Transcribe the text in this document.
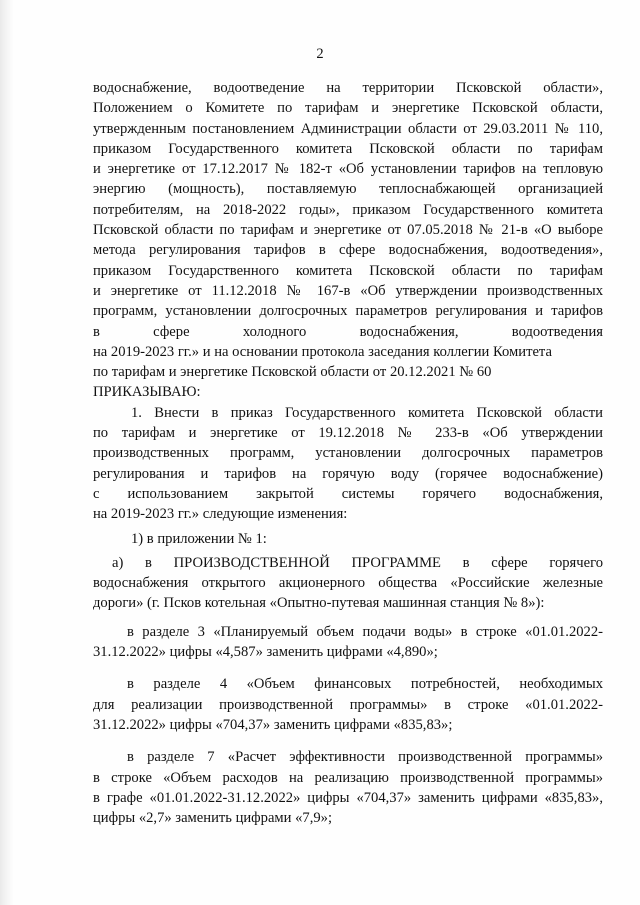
2
водоснабжение, водоотведение на территории Псковской области»,
Положением о Комитете по тарифам и энергетике Псковской области,
утвержденным постановлением Администрации области от 29.03.2011 № 110,
приказом Государственного комитета Псковской области по тарифам
и энергетике от 17.12.2017 № 182-т «Об установлении тарифов на тепловую
энергию (мощность), поставляемую теплоснабжающей организацией
потребителям, на 2018-2022 годы», приказом Государственного комитета
Псковской области по тарифам и энергетике от 07.05.2018 № 21-в «О выборе
метода регулирования тарифов в сфере водоснабжения, водоотведения»,
приказом Государственного комитета Псковской области по тарифам
и энергетике от 11.12.2018 № 167-в «Об утверждении производственных
программ, установлении долгосрочных параметров регулирования и тарифов
в сфере холодного водоснабжения, водоотведения
на 2019-2023 гг.» и на основании протокола заседания коллегии Комитета
по тарифам и энергетике Псковской области от 20.12.2021 № 60
ПРИКАЗЫВАЮ:
1. Внести в приказ Государственного комитета Псковской области
по тарифам и энергетике от 19.12.2018 № 233-в «Об утверждении
производственных программ, установлении долгосрочных параметров
регулирования и тарифов на горячую воду (горячее водоснабжение)
с использованием закрытой системы горячего водоснабжения,
на 2019-2023 гг.» следующие изменения:
1) в приложении № 1:
а) в ПРОИЗВОДСТВЕННОЙ ПРОГРАММЕ в сфере горячего
водоснабжения открытого акционерного общества «Российские железные
дороги» (г. Псков котельная «Опытно-путевая машинная станция № 8»):
в разделе 3 «Планируемый объем подачи воды» в строке «01.01.2022-
31.12.2022» цифры «4,587» заменить цифрами «4,890»;
в разделе 4 «Объем финансовых потребностей, необходимых
для реализации производственной программы» в строке «01.01.2022-
31.12.2022» цифры «704,37» заменить цифрами «835,83»;
в разделе 7 «Расчет эффективности производственной программы»
в строке «Объем расходов на реализацию производственной программы»
в графе «01.01.2022-31.12.2022» цифры «704,37» заменить цифрами «835,83»,
цифры «2,7» заменить цифрами «7,9»;
